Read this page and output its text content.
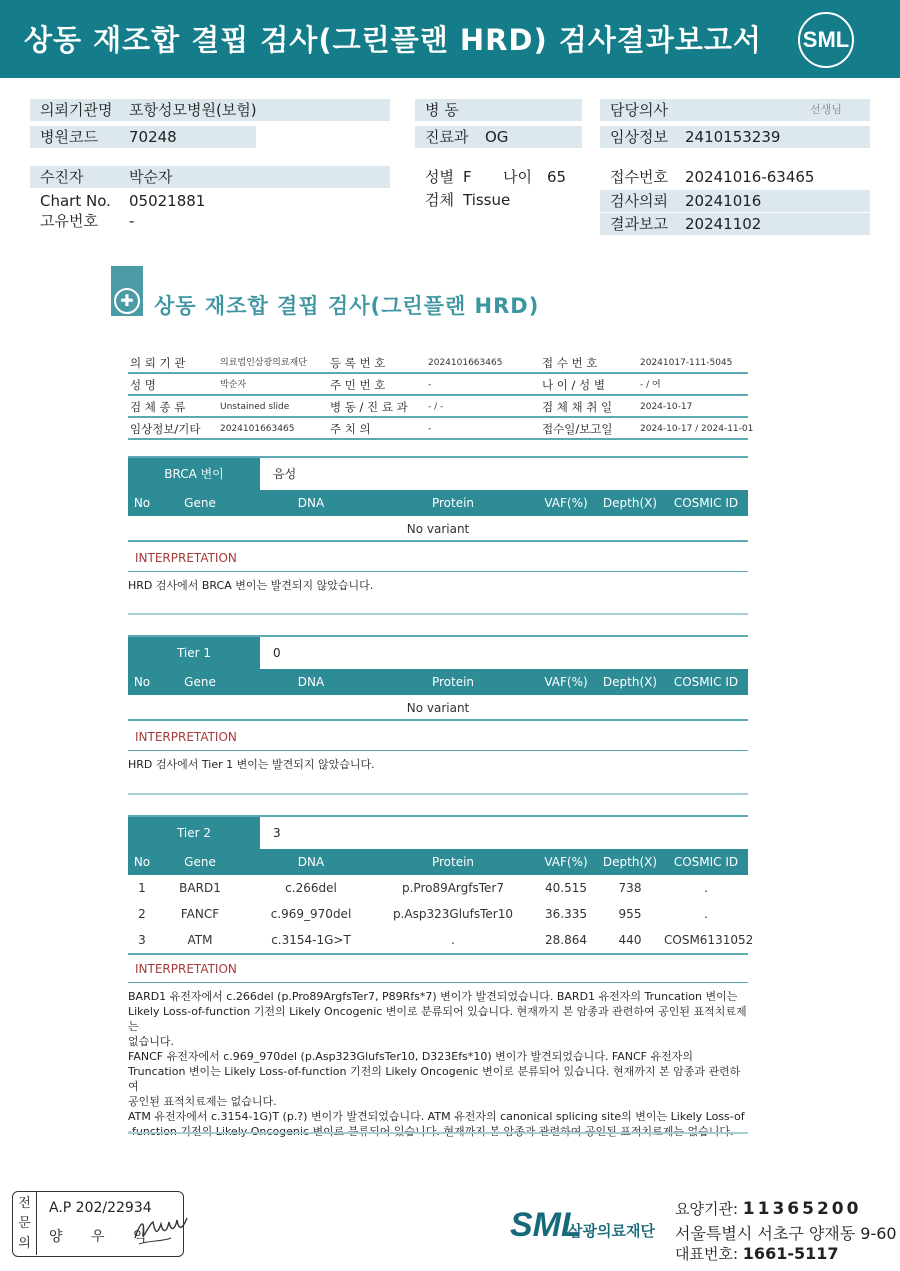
상동 재조합 결핍 검사(그린플랜 HRD) 검사결과보고서 SML
의뢰기관명 포항성모병원(보험)
병원코드 70248
병 동
진료과 OG
담당의사	선생님
임상정보 2410153239
수진자	박순자
Chart No. 05021881
고유번호 -
성별 F 나이 65
검체 Tissue
접수번호 20241016-63465
검사의뢰 20241016
결과보고 20241102
✚ 상동 재조합 결핍 검사(그린플랜 HRD)
의 뢰 기 관	의료법인삼광의료재단 등 록 번 호	2024101663465	접 수 번 호	20241017-111-5045
성 명	박순자	주 민 번 호	-	나 이 / 성 별	- / 여
검 체 종 류	Unstained slide	병 동 / 진 료 과 - / -	검 체 채 취 일	2024-10-17
임상정보/기타 2024101663465	주 치 의	-	접수일/보고일	2024-10-17 / 2024-11-01
BRCA 변이	음성
No	Gene	DNA	Protein	VAF(%)	Depth(X)	COSMIC ID
No variant
INTERPRETATION
HRD 검사에서 BRCA 변이는 발견되지 않았습니다.
Tier 1	0
No	Gene	DNA	Protein	VAF(%)	Depth(X)	COSMIC ID
No variant
INTERPRETATION
HRD 검사에서 Tier 1 변이는 발견되지 않았습니다.
Tier 2	3
No	Gene	DNA	Protein	VAF(%)	Depth(X)	COSMIC ID
1	BARD1	c.266del	p.Pro89ArgfsTer7	40.515	738	.
2	FANCF	c.969_970del	p.Asp323GlufsTer10	36.335	955	.
3	ATM	c.3154-1G>T	.	28.864	440	COSM6131052
INTERPRETATION
BARD1 유전자에서 c.266del (p.Pro89ArgfsTer7, P89Rfs*7) 변이가 발견되었습니다. BARD1 유전자의 Truncation 변이는
Likely Loss-of-function 기전의 Likely Oncogenic 변이로 분류되어 있습니다. 현재까지 본 암종과 관련하여 공인된 표적치료제는
없습니다.
FANCF 유전자에서 c.969_970del (p.Asp323GlufsTer10, D323Efs*10) 변이가 발견되었습니다. FANCF 유전자의
Truncation 변이는 Likely Loss-of-function 기전의 Likely Oncogenic 변이로 분류되어 있습니다. 현재까지 본 암종과 관련하여
공인된 표적치료제는 없습니다.
ATM 유전자에서 c.3154-1G)T (p.?) 변이가 발견되었습니다. ATM 유전자의 canonical splicing site의 변이는 Likely Loss-of
전
문
의
A.P 202/22934
양 우 익	SML
삼광의료재단
요양기관: 11365200
서울특별시 서초구 양재동 9-60
대표번호: 1661-5117
